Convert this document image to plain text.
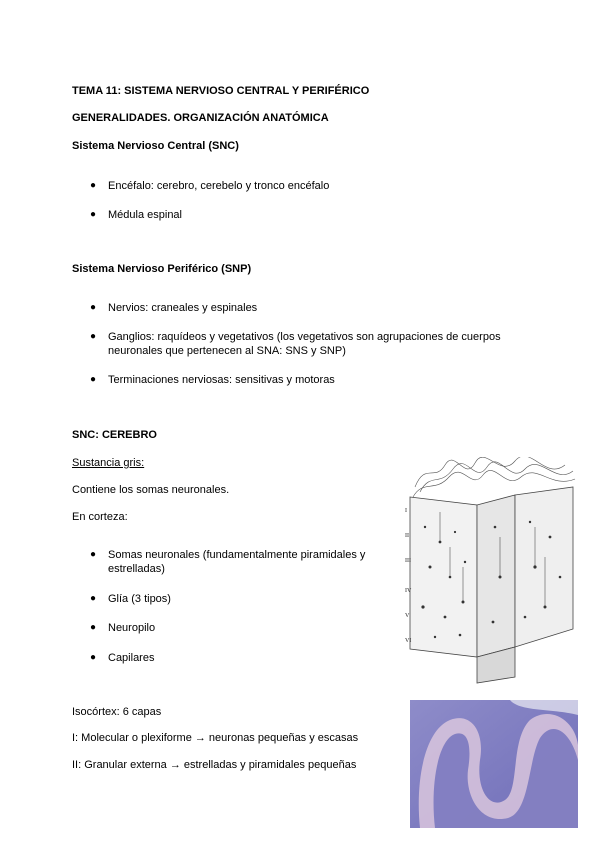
TEMA 11: SISTEMA NERVIOSO CENTRAL Y PERIFÉRICO
GENERALIDADES. ORGANIZACIÓN ANATÓMICA
Sistema Nervioso Central (SNC)
● Encéfalo: cerebro, cerebelo y tronco encéfalo
● Médula espinal
Sistema Nervioso Periférico (SNP)
● Nervios: craneales y espinales
● Ganglios: raquídeos y vegetativos (los vegetativos son agrupaciones de cuerpos
neuronales que pertenecen al SNA: SNS y SNP)
● Terminaciones nerviosas: sensitivas y motoras
SNC: CEREBRO
Sustancia gris:
Contiene los somas neuronales.
En corteza:
● Somas neuronales (fundamentalmente piramidales y
estrelladas)
● Glía (3 tipos)
● Neuropilo
● Capilares
Isocórtex: 6 capas
I: Molecular o plexiforme → neuronas pequeñas y escasas
II: Granular externa → estrelladas y piramidales pequeñas
I
II
III
IV
V
VI
